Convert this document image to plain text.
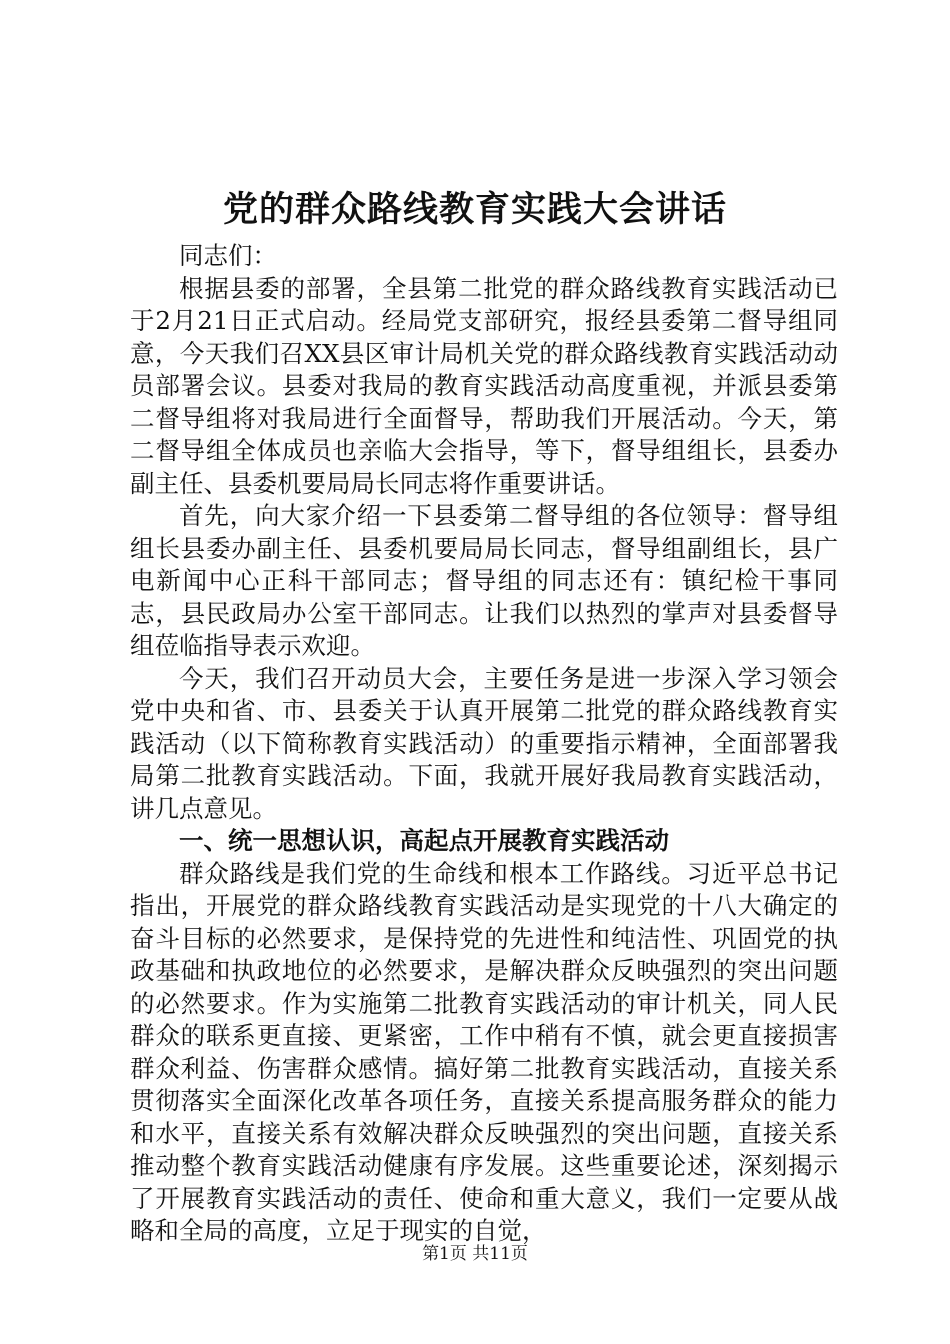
党的群众路线教育实践大会讲话

同志们：

根据县委的部署，全县第二批党的群众路线教育实践活动已于2月21日正式启动。经局党支部研究，报经县委第二督导组同意，今天我们召XX县区审计局机关党的群众路线教育实践活动动员部署会议。县委对我局的教育实践活动高度重视，并派县委第二督导组将对我局进行全面督导，帮助我们开展活动。今天，第二督导组全体成员也亲临大会指导，等下，督导组组长，县委办副主任、县委机要局局长同志将作重要讲话。

首先，向大家介绍一下县委第二督导组的各位领导：督导组组长县委办副主任、县委机要局局长同志，督导组副组长，县广电新闻中心正科干部同志；督导组的同志还有：镇纪检干事同志，县民政局办公室干部同志。让我们以热烈的掌声对县委督导组莅临指导表示欢迎。

今天，我们召开动员大会，主要任务是进一步深入学习领会党中央和省、市、县委关于认真开展第二批党的群众路线教育实践活动（以下简称教育实践活动）的重要指示精神，全面部署我局第二批教育实践活动。下面，我就开展好我局教育实践活动，讲几点意见。

一、统一思想认识，高起点开展教育实践活动

群众路线是我们党的生命线和根本工作路线。习近平总书记指出，开展党的群众路线教育实践活动是实现党的十八大确定的奋斗目标的必然要求，是保持党的先进性和纯洁性、巩固党的执政基础和执政地位的必然要求，是解决群众反映强烈的突出问题的必然要求。作为实施第二批教育实践活动的审计机关，同人民群众的联系更直接、更紧密，工作中稍有不慎，就会更直接损害群众利益、伤害群众感情。搞好第二批教育实践活动，直接关系贯彻落实全面深化改革各项任务，直接关系提高服务群众的能力和水平，直接关系有效解决群众反映强烈的突出问题，直接关系推动整个教育实践活动健康有序发展。这些重要论述，深刻揭示了开展教育实践活动的责任、使命和重大意义，我们一定要从战略和全局的高度，立足于现实的自觉，

第1页 共11页
